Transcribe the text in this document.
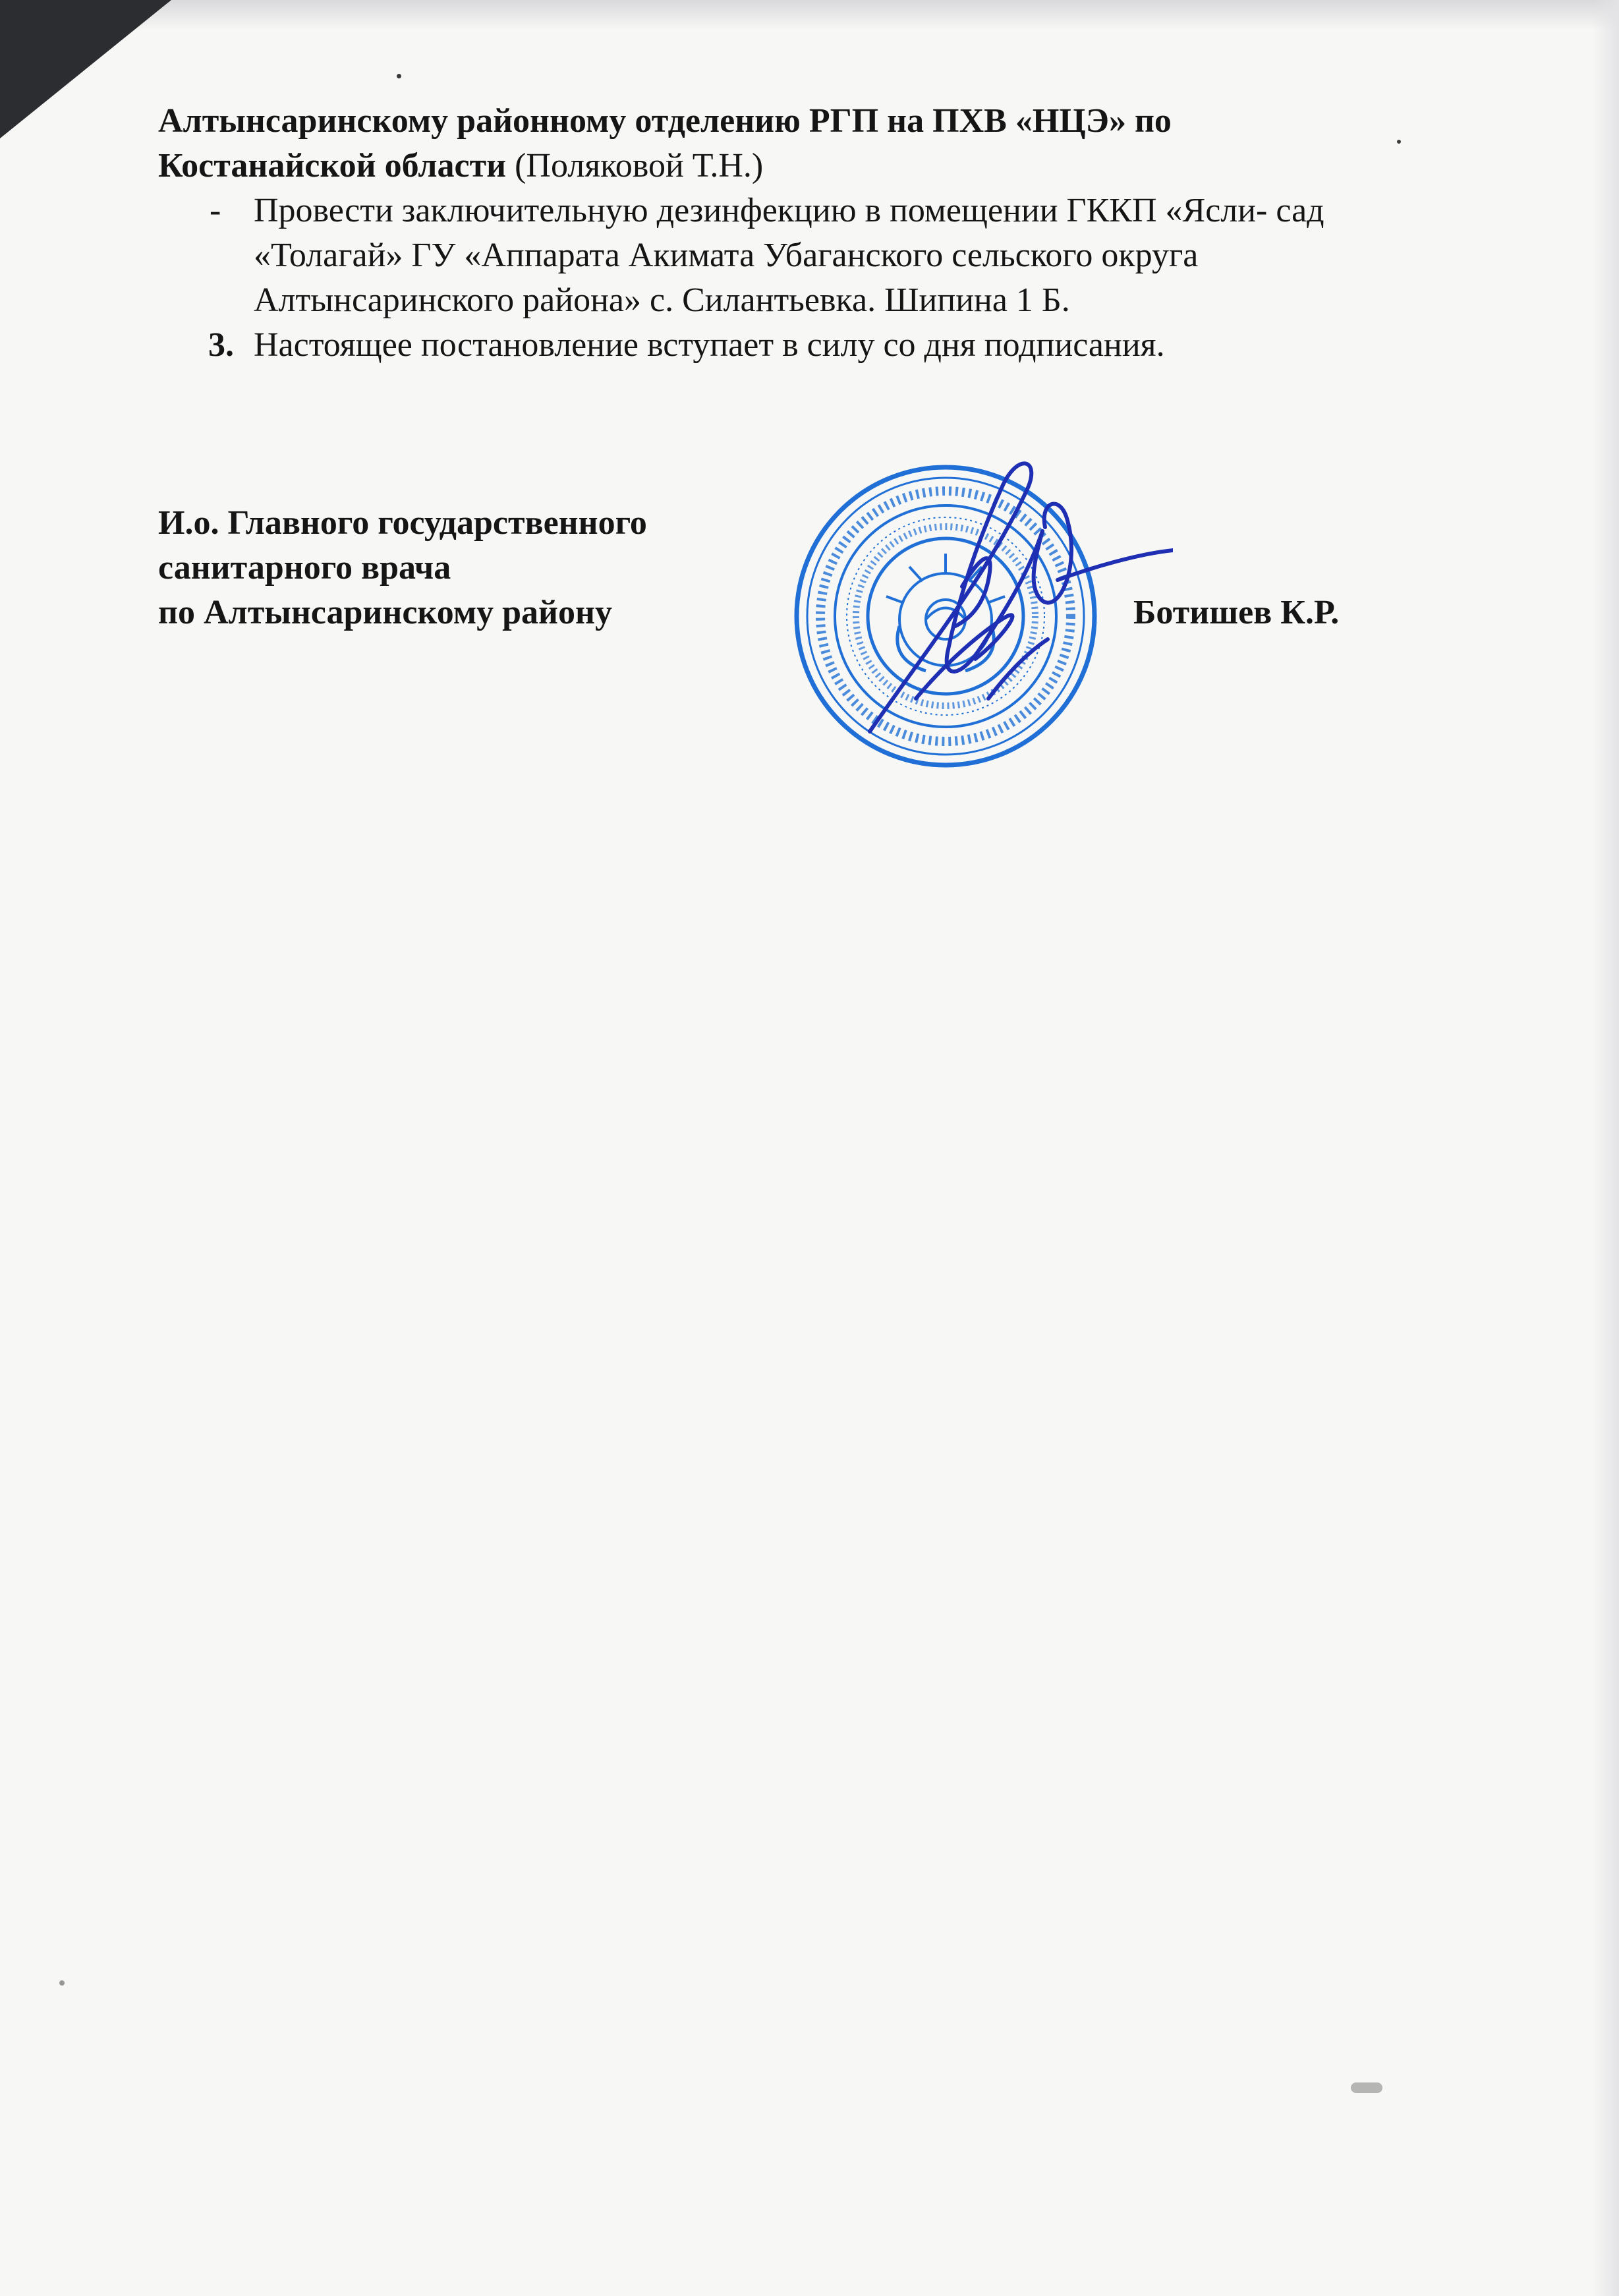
Алтынсаринскому районному отделению РГП на ПХВ «НЦЭ» по
Костанайской области (Поляковой Т.Н.)
- Провести заключительную дезинфекцию в помещении ГККП «Ясли- сад
«Толагай» ГУ «Аппарата Акимата Убаганского сельского округа
Алтынсаринского района» с. Силантьевка. Шипина 1 Б.
3. Настоящее постановление вступает в силу со дня подписания.
И.о. Главного государственного
санитарного врача
по Алтынсаринскому району	Ботишев К.Р.
